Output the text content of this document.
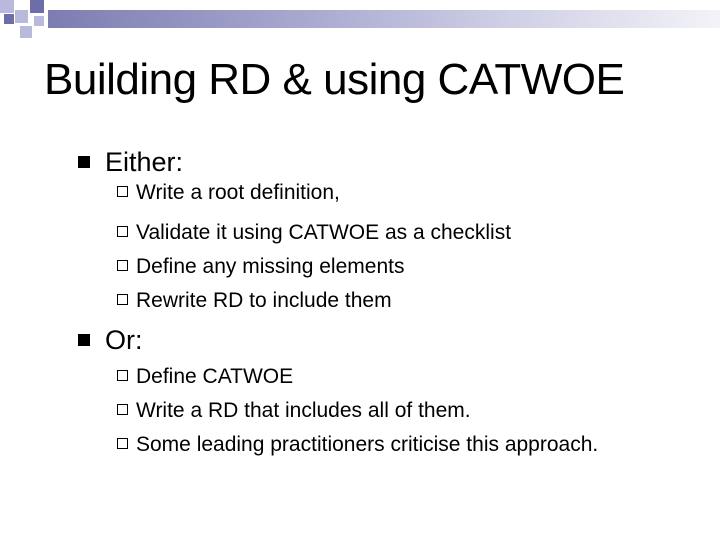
Building RD & using CATWOE
Either:
Write a root definition,
Validate it using CATWOE as a checklist
Define any missing elements
Rewrite RD to include them
Or:
Define CATWOE
Write a RD that includes all of them.
Some leading practitioners criticise this approach.
